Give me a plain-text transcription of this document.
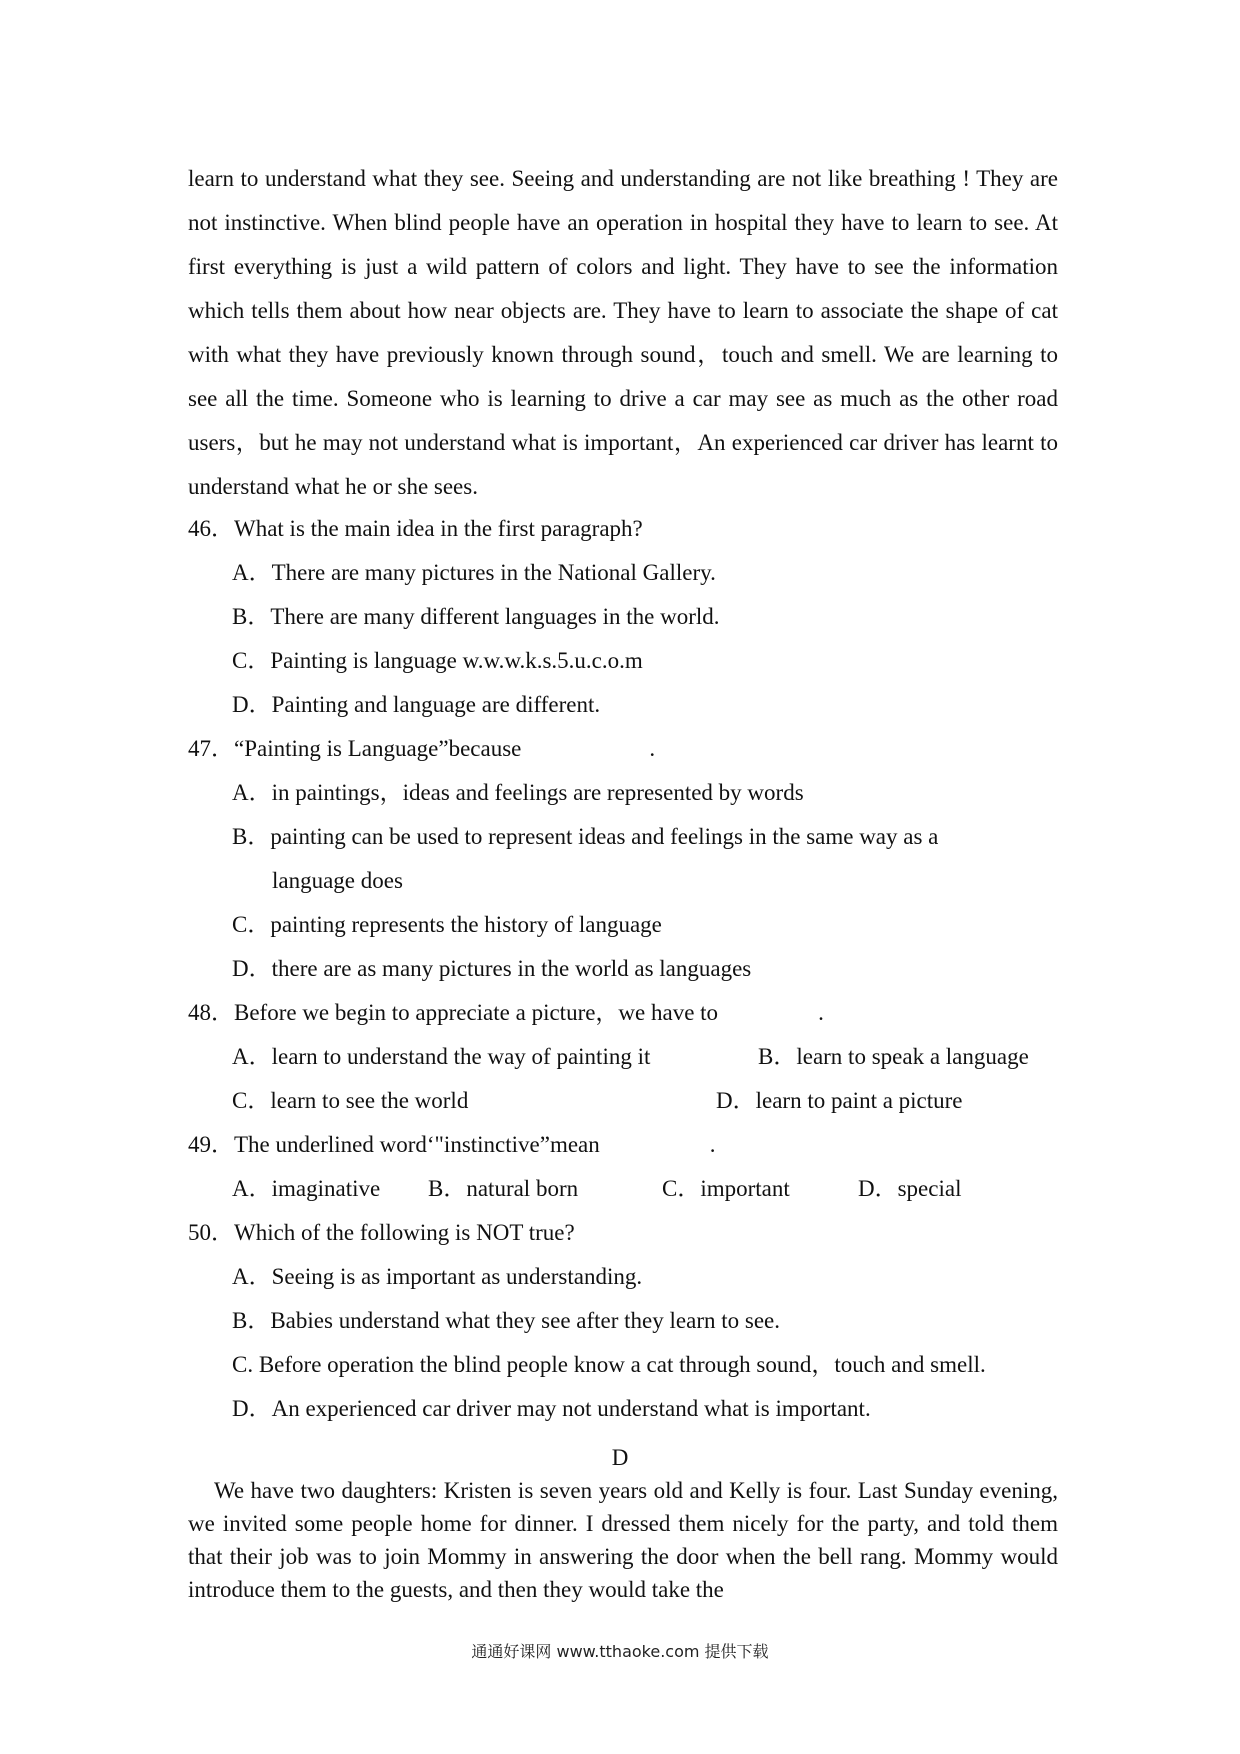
learn to understand what they see. Seeing and understanding are not like breathing ! They are not instinctive. When blind people have an operation in hospital they have to learn to see. At first everything is just a wild pattern of colors and light. They have to see the information which tells them about how near objects are. They have to learn to associate the shape of cat with what they have previously known through sound，touch and smell. We are learning to see all the time. Someone who is learning to drive a car may see as much as the other road users，but he may not understand what is important，An experienced car driver has learnt to understand what he or she sees.

46．What is the main idea in the first paragraph?
A．There are many pictures in the National Gallery.
B．There are many different languages in the world.
C．Painting is language w.w.w.k.s.5.u.c.o.m
D．Painting and language are different.
47．“Painting is Language”because	.
A．in paintings，ideas and feelings are represented by words
B．painting can be used to represent ideas and feelings in the same way as a
language does
C．painting represents the history of language
D．there are as many pictures in the world as languages
48．Before we begin to appreciate a picture，we have to	.
A．learn to understand the way of painting it	B．learn to speak a language
C．learn to see the world	D．learn to paint a picture
49．The underlined word‘"instinctive”mean	.
A．imaginative B．natural born	C．important	D．special
50．Which of the following is NOT true?
A．Seeing is as important as understanding.
B．Babies understand what they see after they learn to see.
C. Before operation the blind people know a cat through sound，touch and smell.
D．An experienced car driver may not understand what is important.
D

We have two daughters: Kristen is seven years old and Kelly is four. Last Sunday evening, we invited some people home for dinner. I dressed them nicely for the party, and told them that their job was to join Mommy in answering the door when the bell rang. Mommy would introduce them to the guests, and then they would take the

通通好课网 www.tthaoke.com 提供下载
